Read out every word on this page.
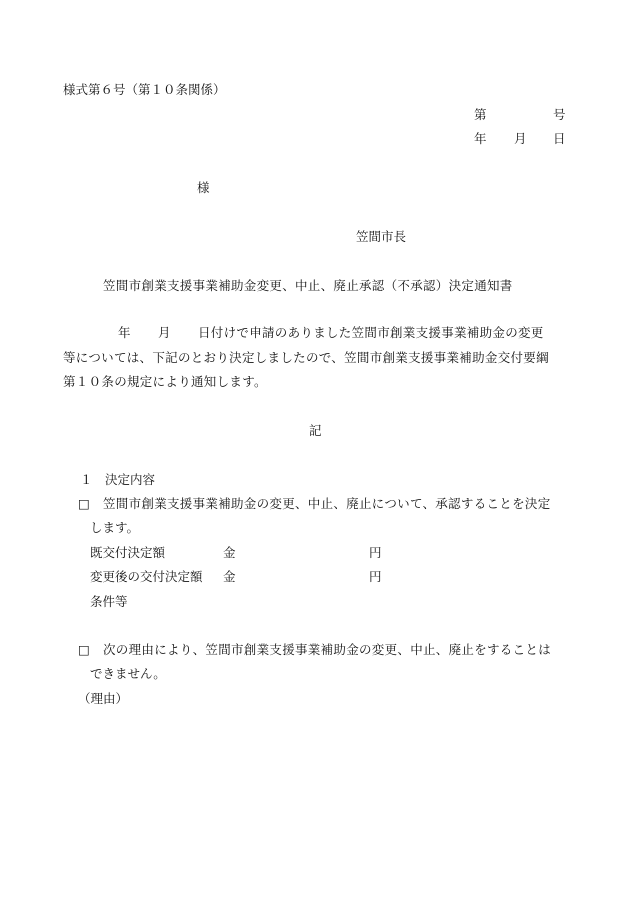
様式第６号（第１０条関係）

第	号

年 月 日

様

笠間市長

笠間市創業支援事業補助金変更、中止、廃止承認（不承認）決定通知書

年 月 日付けで申請のありました笠間市創業支援事業補助金の変更

等については、下記のとおり決定しましたので、笠間市創業支援事業補助金交付要綱

第１０条の規定により通知します。

記

１　決定内容

□ 笠間市創業支援事業補助金の変更、中止、廃止について、承認することを決定

します。

既交付決定額	金	円

変更後の交付決定額 金	円

条件等

□ 次の理由により、笠間市創業支援事業補助金の変更、中止、廃止をすることは

できません。

（理由）
